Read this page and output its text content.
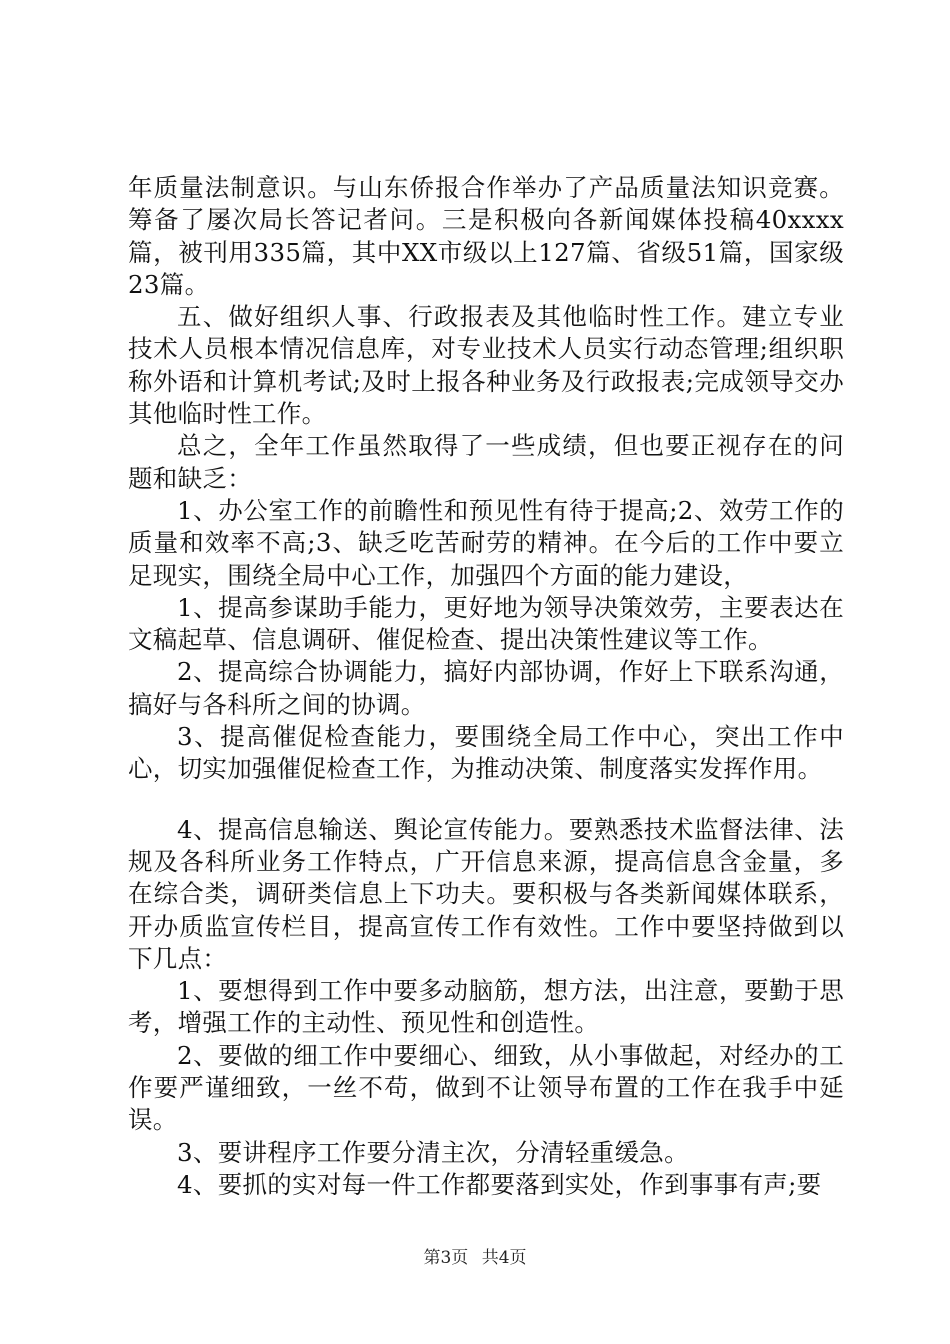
年质量法制意识。与山东侨报合作举办了产品质量法知识竞赛。筹备了屡次局长答记者问。三是积极向各新闻媒体投稿40xxxx篇，被刊用335篇，其中XX市级以上127篇、省级51篇，国家级23篇。

五、做好组织人事、行政报表及其他临时性工作。建立专业技术人员根本情况信息库，对专业技术人员实行动态管理;组织职称外语和计算机考试;及时上报各种业务及行政报表;完成领导交办其他临时性工作。

总之，全年工作虽然取得了一些成绩，但也要正视存在的问题和缺乏：

1、办公室工作的前瞻性和预见性有待于提高;2、效劳工作的质量和效率不高;3、缺乏吃苦耐劳的精神。在今后的工作中要立足现实，围绕全局中心工作，加强四个方面的能力建设，

1、提高参谋助手能力，更好地为领导决策效劳，主要表达在文稿起草、信息调研、催促检查、提出决策性建议等工作。

2、提高综合协调能力，搞好内部协调，作好上下联系沟通，搞好与各科所之间的协调。

3、提高催促检查能力，要围绕全局工作中心，突出工作中心，切实加强催促检查工作，为推动决策、制度落实发挥作用。

4、提高信息输送、舆论宣传能力。要熟悉技术监督法律、法规及各科所业务工作特点，广开信息来源，提高信息含金量，多在综合类，调研类信息上下功夫。要积极与各类新闻媒体联系，开办质监宣传栏目，提高宣传工作有效性。工作中要坚持做到以下几点：

1、要想得到工作中要多动脑筋，想方法，出注意，要勤于思考，增强工作的主动性、预见性和创造性。

2、要做的细工作中要细心、细致，从小事做起，对经办的工作要严谨细致，一丝不苟，做到不让领导布置的工作在我手中延误。

3、要讲程序工作要分清主次，分清轻重缓急。

4、要抓的实对每一件工作都要落到实处，作到事事有声;要

第3页 共4页
